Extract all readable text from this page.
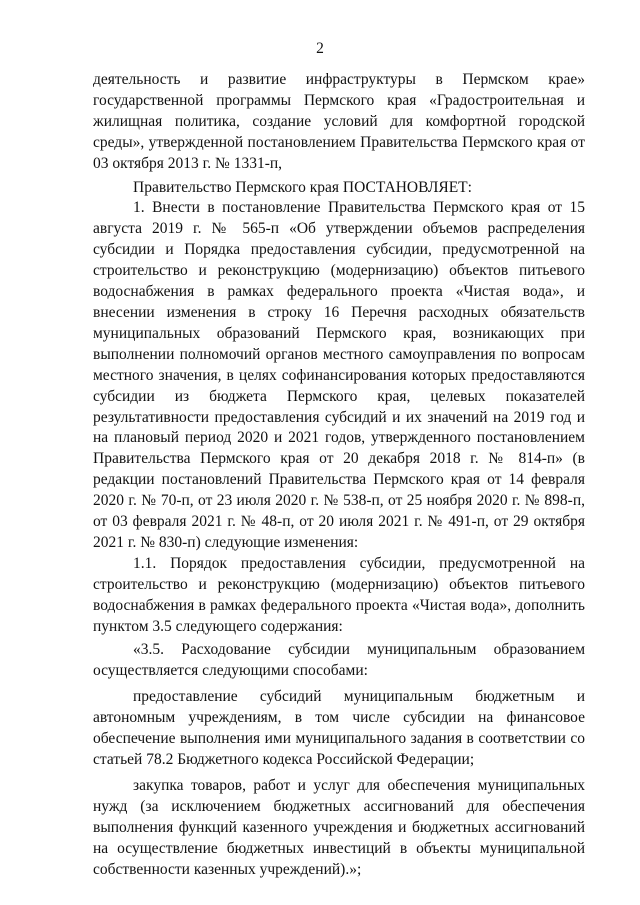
2

деятельность и развитие инфраструктуры в Пермском крае» государственной программы Пермского края «Градостроительная и жилищная политика, создание условий для комфортной городской среды», утвержденной постановлением Правительства Пермского края от 03 октября 2013 г. № 1331-п,

Правительство Пермского края ПОСТАНОВЛЯЕТ:

1. Внести в постановление Правительства Пермского края от 15 августа 2019 г. № 565-п «Об утверждении объемов распределения субсидии и Порядка предоставления субсидии, предусмотренной на строительство и реконструкцию (модернизацию) объектов питьевого водоснабжения в рамках федерального проекта «Чистая вода», и внесении изменения в строку 16 Перечня расходных обязательств муниципальных образований Пермского края, возникающих при выполнении полномочий органов местного самоуправления по вопросам местного значения, в целях софинансирования которых предоставляются субсидии из бюджета Пермского края, целевых показателей результативности предоставления субсидий и их значений на 2019 год и на плановый период 2020 и 2021 годов, утвержденного постановлением Правительства Пермского края от 20 декабря 2018 г. № 814-п» (в редакции постановлений Правительства Пермского края от 14 февраля 2020 г. № 70-п, от 23 июля 2020 г. № 538-п, от 25 ноября 2020 г. № 898-п, от 03 февраля 2021 г. № 48-п, от 20 июля 2021 г. № 491-п, от 29 октября 2021 г. № 830-п) следующие изменения:

1.1. Порядок предоставления субсидии, предусмотренной на строительство и реконструкцию (модернизацию) объектов питьевого водоснабжения в рамках федерального проекта «Чистая вода», дополнить пунктом 3.5 следующего содержания:

«3.5. Расходование субсидии муниципальным образованием осуществляется следующими способами:

предоставление субсидий муниципальным бюджетным и автономным учреждениям, в том числе субсидии на финансовое обеспечение выполнения ими муниципального задания в соответствии со статьей 78.2 Бюджетного кодекса Российской Федерации;

закупка товаров, работ и услуг для обеспечения муниципальных нужд (за исключением бюджетных ассигнований для обеспечения выполнения функций казенного учреждения и бюджетных ассигнований на осуществление бюджетных инвестиций в объекты муниципальной собственности казенных учреждений).»;
